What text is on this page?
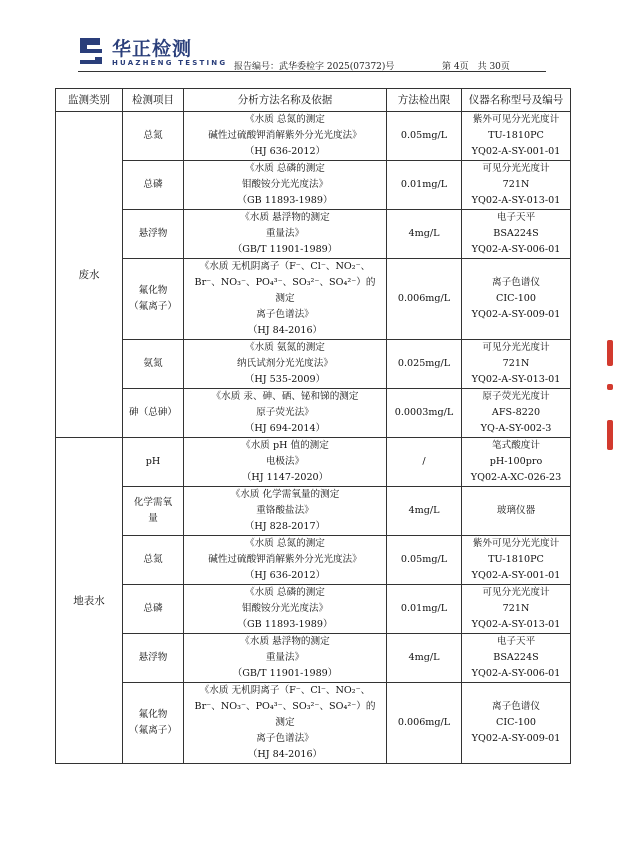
华正检测
HUAZHENG TESTING 报告编号：武华委检字 2025(07372)号	第 4页　共 30页
监测类别	检测项目	分析方法名称及依据	方法检出限	仪器名称型号及编号
废水	总氮	《水质 总氮的测定
碱性过硫酸钾消解紫外分光光度法》
（HJ 636-2012）	0.05mg/L	紫外可见分光光度计
TU-1810PC
YQ02-A-SY-001-01

	总磷	《水质 总磷的测定
钼酸铵分光光度法》
（GB 11893-1989）	0.01mg/L	可见分光光度计
721N
YQ02-A-SY-013-01

	悬浮物	《水质 悬浮物的测定
重量法》
（GB/T 11901-1989）	4mg/L	电子天平
BSA224S
YQ02-A-SY-006-01

	氟化物
（氟离子）	《水质 无机阴离子（F⁻、Cl⁻、NO₂⁻、
Br⁻、NO₃⁻、PO₄³⁻、SO₃²⁻、SO₄²⁻）的
测定
离子色谱法》
（HJ 84-2016）	0.006mg/L	离子色谱仪
CIC-100
YQ02-A-SY-009-01

	氨氮	《水质 氨氮的测定
纳氏试剂分光光度法》
（HJ 535-2009）	0.025mg/L	可见分光光度计
721N
YQ02-A-SY-013-01

	砷（总砷）	《水质 汞、砷、硒、铋和锑的测定
原子荧光法》
（HJ 694-2014）	0.0003mg/L	原子荧光光度计
AFS-8220
YQ-A-SY-002-3

地表水	pH	《水质 pH 值的测定
电极法》
（HJ 1147-2020）	/	笔式酸度计
pH-100pro
YQ02-A-XC-026-23

	化学需氧
量	《水质 化学需氧量的测定
重铬酸盐法》
（HJ 828-2017）	4mg/L	玻璃仪器

	总氮	《水质 总氮的测定
碱性过硫酸钾消解紫外分光光度法》
（HJ 636-2012）	0.05mg/L	紫外可见分光光度计
TU-1810PC
YQ02-A-SY-001-01

	总磷	《水质 总磷的测定
钼酸铵分光光度法》
（GB 11893-1989）	0.01mg/L	可见分光光度计
721N
YQ02-A-SY-013-01

	悬浮物	《水质 悬浮物的测定
重量法》
（GB/T 11901-1989）	4mg/L	电子天平
BSA224S
YQ02-A-SY-006-01

	氟化物
（氟离子）	《水质 无机阴离子（F⁻、Cl⁻、NO₂⁻、
Br⁻、NO₃⁻、PO₄³⁻、SO₃²⁻、SO₄²⁻）的
测定
离子色谱法》
（HJ 84-2016）	0.006mg/L	离子色谱仪
CIC-100
YQ02-A-SY-009-01
